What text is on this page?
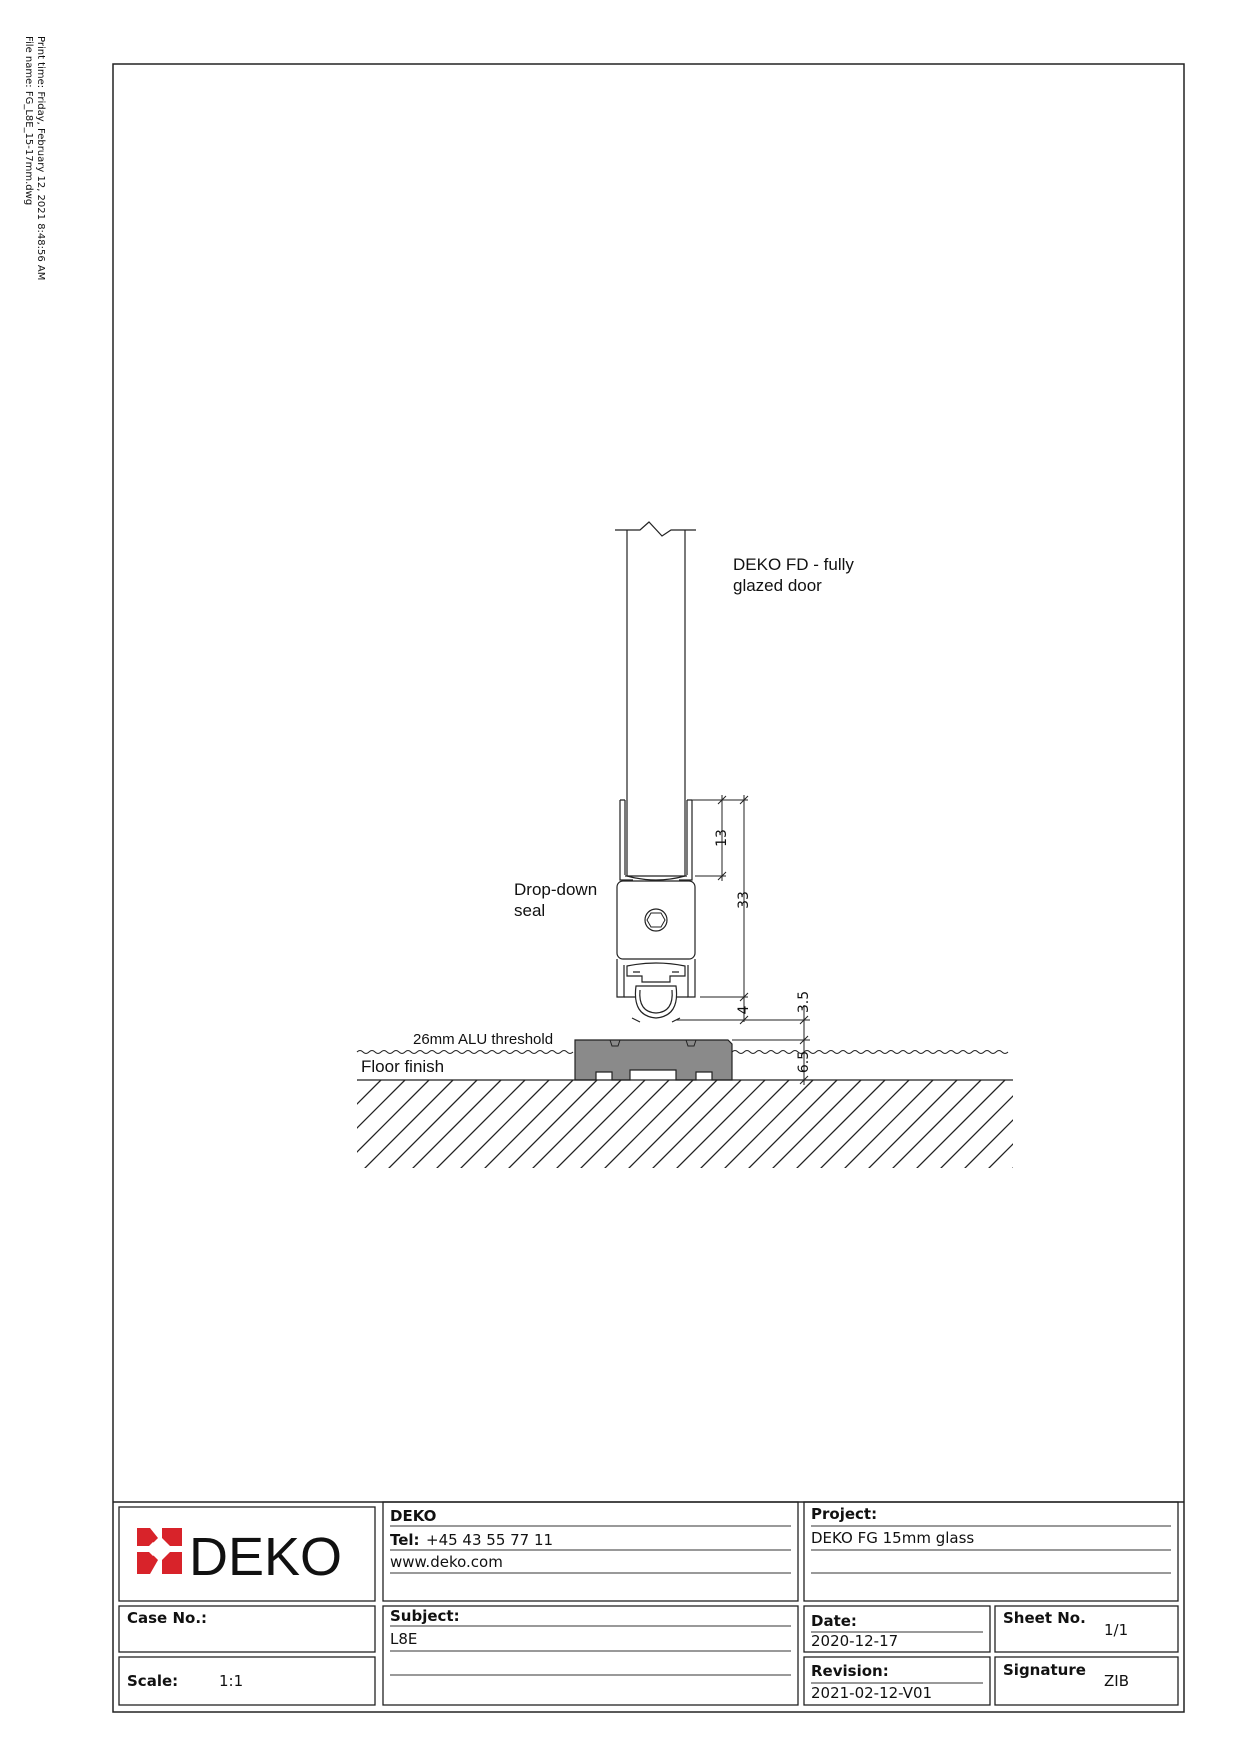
Print time: Friday, February 12, 2021 8:48:56 AM
File name: FG_L8E_15-17mm.dwg
DEKO FD - fully
glazed door
Drop-down
seal
26mm ALU threshold
Floor finish
13
33
4	3.5
6.5
DEKO
DEKO
Tel: +45 43 55 77 11
www.deko.com
Project:
DEKO FG 15mm glass
Case No.:	Subject:
L8E
Date:
2020-12-17
Sheet No.
1/1
Scale:	1:1
Revision:
2021-02-12-V01
Signature
ZIB
